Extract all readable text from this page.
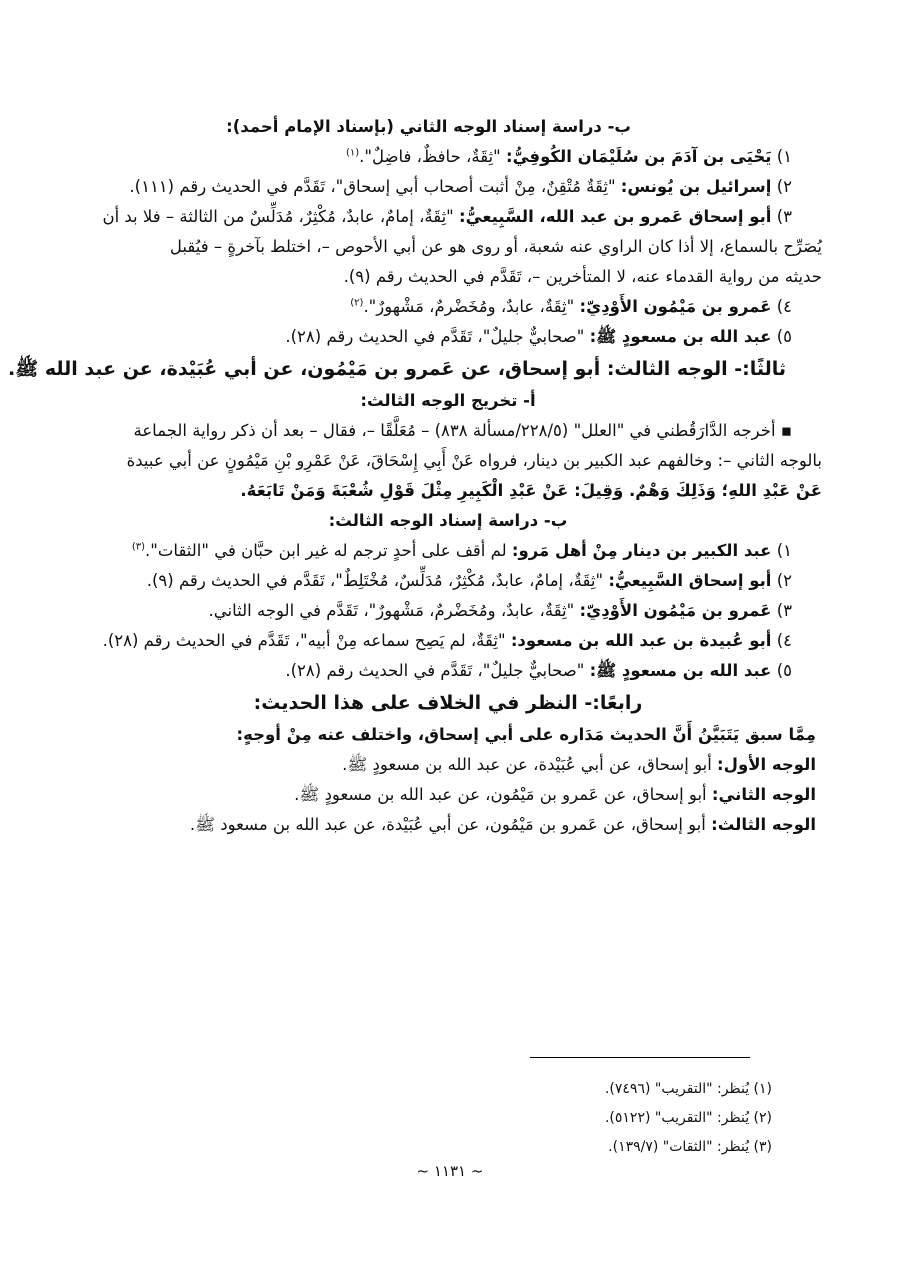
ب- دراسة إسناد الوجه الثاني (بإسناد الإمام أحمد):

١) يَحْيَى بن آدَمَ بن سُلَيْمَان الكُوفِيُّ: "ثِقَةٌ، حافظٌ، فاضِلٌ".$^{(١)}$

٢) إسرائيل بن يُونس: "ثِقَةٌ مُتْقِنٌ، مِنْ أثبت أصحاب أبي إسحاق"، تَقَدَّم في الحديث رقم (١١١).

٣) أبو إسحاق عَمرو بن عبد الله، السَّبِيعيُّ: "ثِقَةٌ، إمامٌ، عابدٌ، مُكْثِرٌ، مُدَلِّسٌ من الثالثة – فلا بد أن

يُصَرِّح بالسماع، إلا أذا كان الراوي عنه شعبة، أو روى هو عن أبي الأحوص –، اختلط بآخرةٍ – فيُقبل

حديثه من رواية القدماء عنه، لا المتأخرين –، تَقَدَّم في الحديث رقم (٩).

٤) عَمرو بن مَيْمُون الأَوْدِيّ: "ثِقَةٌ، عابدٌ، ومُخَضْرمٌ، مَشْهورٌ".$^{(٢)}$

٥) عبد الله بن مسعودٍ ﷺ: "صحابيٌّ جليلٌ"، تَقَدَّم في الحديث رقم (٢٨).

ثالثًا:- الوجه الثالث: أبو إسحاق، عن عَمرو بن مَيْمُون، عن أبي عُبَيْدة، عن عبد الله ﷺ.

أ- تخريج الوجه الثالث:

▪ أخرجه الدَّارَقُطني في "العلل" (٢٢٨/٥/مسألة ٨٣٨) – مُعَلَّقًا –، فقال – بعد أن ذكر رواية الجماعة

بالوجه الثاني –: وخالفهم عبد الكبير بن دينار، فرواه عَنْ أَبِي إِسْحَاقَ، عَنْ عَمْرِو بْنِ مَيْمُونٍ عن أبي عبيدة

عَنْ عَبْدِ اللهِ؛ وَذَلِكَ وَهْمٌ. وَقِيلَ: عَنْ عَبْدِ الْكَبِيرِ مِثْلَ قَوْلِ شُعْبَةَ وَمَنْ تَابَعَهُ.

ب- دراسة إسناد الوجه الثالث:

١) عبد الكبير بن دينار مِنْ أهل مَرو: لم أقف على أحدٍ ترجم له غير ابن حبَّان في "الثقات".$^{(٣)}$

٢) أبو إسحاق السَّبِيعيُّ: "ثِقَةٌ، إمامٌ، عابدٌ، مُكْثِرٌ، مُدَلِّسٌ، مُخْتَلِطٌ"، تَقَدَّم في الحديث رقم (٩).

٣) عَمرو بن مَيْمُون الأَوْدِيّ: "ثِقَةٌ، عابدٌ، ومُخَضْرمٌ، مَشْهورٌ"، تَقَدَّم في الوجه الثاني.

٤) أبو عُبيدة بن عبد الله بن مسعود: "ثِقَةٌ، لم يَصِح سماعه مِنْ أبيه"، تَقَدَّم في الحديث رقم (٢٨).

٥) عبد الله بن مسعودٍ ﷺ: "صحابيٌّ جليلٌ"، تَقَدَّم في الحديث رقم (٢٨).

رابعًا:- النظر في الخلاف على هذا الحديث:

مِمَّا سبق يَتَبَيَّنُ أَنَّ الحديث مَدَاره على أبي إسحاق، واختلف عنه مِنْ أوجهٍ:

الوجه الأول: أبو إسحاق، عن أبي عُبَيْدة، عن عبد الله بن مسعودٍ ﷺ.

الوجه الثاني: أبو إسحاق، عن عَمرو بن مَيْمُون، عن عبد الله بن مسعودٍ ﷺ.

الوجه الثالث: أبو إسحاق، عن عَمرو بن مَيْمُون، عن أبي عُبَيْدة، عن عبد الله بن مسعود ﷺ.

(١) يُنظر: "التقريب" (٧٤٩٦).

(٢) يُنظر: "التقريب" (٥١٢٢).

(٣) يُنظر: "الثقات" (١٣٩/٧).

~ ١١٣١ ~
